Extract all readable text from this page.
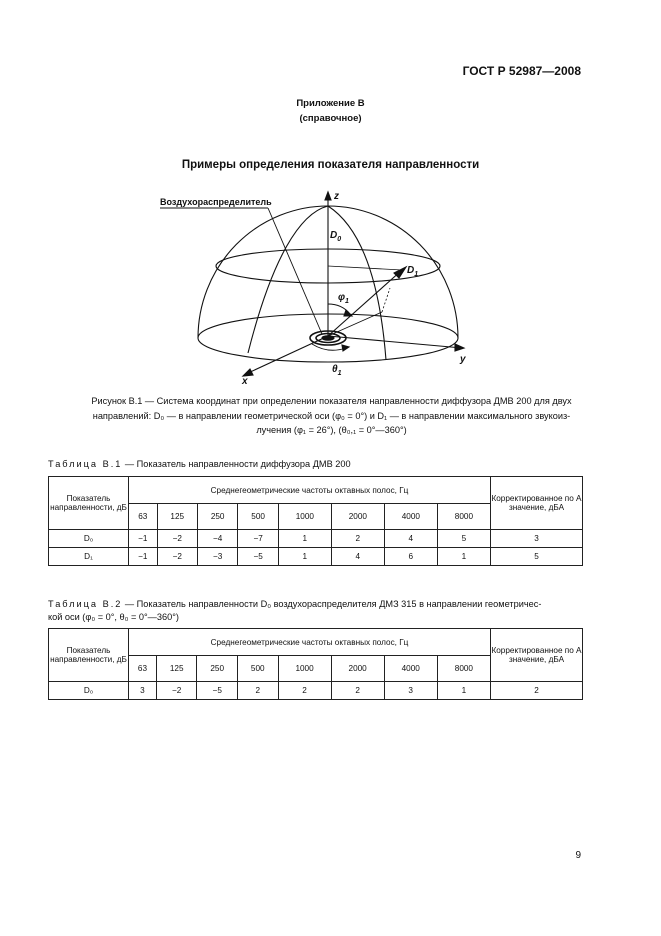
ГОСТ Р 52987—2008
Приложение В
(справочное)
Примеры определения показателя направленности
Воздухораспределитель	z
y
x
$D_0$
$D_1$
$\varphi_1$
$\theta_1$
Рисунок В.1 — Система координат при определении показателя направленности диффузора ДМВ 200 для двух
направлений: D₀ — в направлении геометрической оси (φ₀ = 0°) и D₁ — в направлении максимального звукоиз-
лучения (φ₁ = 26°), (θ₀,₁ = 0°—360°)
Таблица В.1 — Показатель направленности диффузора ДМВ 200
Показатель направленности, дБ	Среднегеометрические частоты октавных полос, Гц								Корректированное по A значение, дБА
	63	125	250	500	1000	2000	4000	8000	
D₀	−1	−2	−4	−7	1	2	4	5	3
D₁	−1	−2	−3	−5	1	4	6	1	5
Таблица В.2 — Показатель направленности D₀ воздухораспределителя ДМЗ 315 в направлении геометричес-
кой оси (φ₀ = 0°, θ₀ = 0°—360°)
Показатель направленности, дБ	Среднегеометрические частоты октавных полос, Гц								Корректированное по A значение, дБА
	63	125	250	500	1000	2000	4000	8000	
D₀	3	−2	−5	2	2	2	3	1	2
9
